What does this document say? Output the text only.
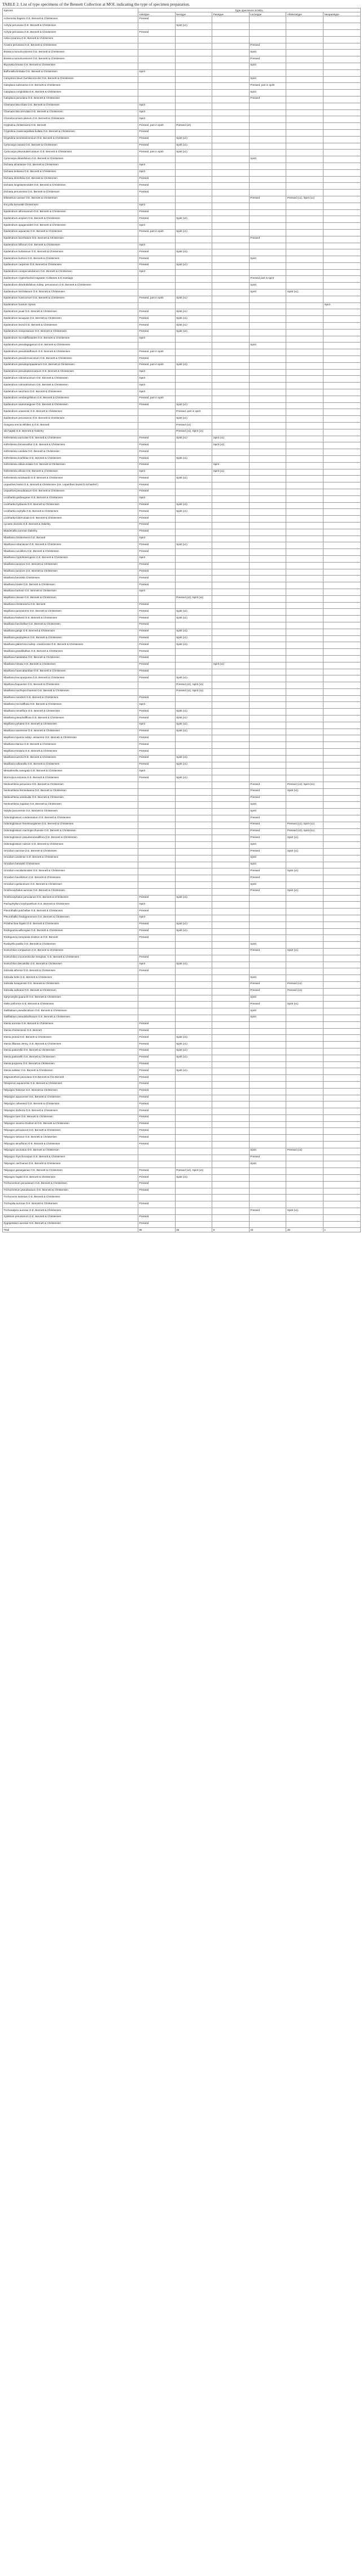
TABLE 2. List of type specimens of the Bennett Collection at MOL indicating the type of specimen preparation.
Species	Type specimens at MOL					
	Holotype	Neotype	Paratype	Lectotype	Allolectotype	Neoparatype
Acherontia hagenii O.E. Bennett & Christensen	Pressed					
Achyla peruviana O.E. Bennett & Christensen		Spirit (x1)				
Achyla peruviana O.E. Bennett & Christensen	Pressed					
Aetia oceanica O.E. Bennett & Christensen						
Aroeira peruviana O.E. Bennett & Christensen				Pressed		
Brassica tumuliconsionis O.E. Bennett & Christensen				Spirit		
Brassica tumuliconsionis O.E. Bennett & Christensen				Pressed		
Bryonetia limosa O.E. Bennett & Christensen				Spirit		
Buffoniella limbata O.E. Bennett & Christensen	Spirit					
Campotoccinium humileconcolor O.E. Bennett & Christensen				Spirit		
Caloplaca submarina O.E. Bennett & Christensen				Pressed, part in spirit		
Caloplaca conglobata O.E. Bennett & Christensen				Spirit		
Caloplaca peruviana O.E. Bennett & Christensen				Pressed		
Chamaecrista ciliata O.E. Bennett & Christensen	Spirit					
Chamaecrista serrulata O.E. Bennett & Christensen	Spirit					
Chondrocomium planum O.E. Bennett & Christensen	Spirit					
Cryptolina christensenii O.E. Bennett	Pressed, part in spirit	Pressed (x2)				
Cryptolina crassicarpellata bullata O.E. Bennett & Christensen	Pressed					
Cryptolina tomentosinervium O.E. Bennett & Christensen	Pressed	Spirit (x1)				
Cyrtocarpa nasuta O.E. Bennett & Christensen	Pressed	Spirit (x1)				
Cyrtocarpa pleurotuberculatum O.E. Bennett & Christensen	Pressed, part in spirit	Spirit (x1)				
Cyrtocarpa obtusifolium O.E. Bennett & Christensen				Spirit		
Dichaea alcantarae O.E. Bennett & Christensen	Spirit					
Dichaea belsiana O.E. Bennett & Christensen	Spirit					
Dichaea densifolia O.E. Bennett & Christensen	Pressed					
Dichaea longistaminoides O.E. Bennett & Christensen	Pressed					
Dichaea peruviensis O.E. Bennett & Christensen	Pressed					
Elleanthus caveae O.E. Bennett & Christensen				Pressed	Pressed (x1), Spirit (x1)	
Encyclia bennettii Christensen	Spirit					
Epidendrum alfonsoanum O.E. Bennett & Christensen	Pressed					
Epidendrum amplum O.E. Bennett & Christensen	Pressed	Spirit (x1)				
Epidendrum apaganoides O.E. Bennett & Christensen	Spirit					
Epidendrum aquaense O.E. Bennett & Christensen	Pressed, part in spirit	Spirit (x1)				
Epidendrum bicirrhatum O.E. Bennett & Christensen				Pressed		
Epidendrum biflorum O.E. Bennett & Christensen	Spirit					
Epidendrum bolivianum O.E. Bennett & Christensen	Pressed	Spirit (x1)				
Epidendrum burtonii O.E. Bennett & Christensen	Pressed			Spirit		
Epidendrum carpense O.E. Bennett & Christensen	Pressed	Spirit (x1)				
Epidendrum conspecuituberum O.E. Bennett & Christensen	Spirit					
Epidendrum cryptorhachis Hágsater, Collantes & E.Santiago				Pressed part in spirit		
Epidendrum dendrobiifolium subsp. peruvianum O.E. Bennett & Christensen				Spirit		
Epidendrum hechtlianum O.E. Bennett & Christensen				Spirit	Spirit (x1)	
Epidendrum humicorrum O.E. Bennett & Christensen	Pressed, part in spirit	Spirit (x1)				
Epidendrum huxsum Sprain						Spirit
Epidendrum jouaii O.E. Bennett & Christensen	Pressed	Spirit (x1)				
Epidendrum lacaquae O.E. Bennett & Christensen	Pressed	Spirit (x1)				
Epidendrum levisii O.E. Bennett & Christensen	Pressed	Spirit (x1)				
Epidendrum mariposanum O.E. Bennett & Christensen	Pressed	Spirit (x1)				
Epidendrum microdiffusaides O.E. Bennett & Christensen	Spirit					
Epidendrum pseudagaganum O.E. Bennett & Christensen				Spirit		
Epidendrum pseudodaffusum O.E. Bennett & Christensen	Pressed, part in spirit					
Epidendrum pseudomuscosum O.E. Bennett & Christensen	Pressed					
Epidendrum pseudoporpaxianum O.E. Bennett & Christensen	Pressed, part in spirit	Spirit (x1)				
Epidendrum pseudopterocarpum O.E. Bennett & Christensen	Spirit					
Epidendrum rubrisiracanum O.E. Bennett & Christensen	Spirit					
Epidendrum rubrostrisimum O.E. Bennett & Christensen	Spirit					
Epidendrum sanchezii O.E. Bennett & Christensen	Spirit					
Epidendrum vembergiifolium O.E. Bennett & Christensen	Pressed, part in spirit					
Epidendrum septomarginee O.E. Bennett & Christensen	Pressed	Spirit (x1)				
Epidendrum unasense O.E. Bennett & Christensen		Pressed, part in spirit				
Epidendrum peruvianum O.E. Bennett & Christensen		Spirit (x1)				
Gongora erecta Whitten & O.E. Bennett		Pressed (x1)				
Ida hagsiti O.E. Bennett & Oakeley		Pressed (x1), Spirit (x1)				
Kefersteinia auriculae O.E. Bennett & Christensen	Pressed	Spirit (x1)	Spirit (x1)			
Kefersteinia benvenathar O.E. Bennett & Christensen	Pressed		Spirit (x1)			
Kefersteinia candida O.E. Bennett & Christensen	Pressed					
Kefersteinia koehleae O.E. Bennett & Christensen	Pressed	Spirit (x1)				
Kefersteinia oblanceolata O.E. Bennett & Christensen	Pressed		Spirit			
Kefersteinia villosa O.E. Bennett & Christensen	Spirit		Spirit (x1)			
Kefersteinia woolwardii O.E. Bennett & Christensen	Pressed	Spirit (x1)				
Lepanthes lewisii O.E. Bennett & Christensen (nm. Lepanthes lewisii D.Schaeferl.)	Pressed					
Lepanthes pseudotaxum O.E. Bennett & Christensen	Pressed					
Lockhartia gerbaugeae O.E. Bennett & Christensen	Spirit					
Lockhartia hyrilacea O.E. Bennett & Christensen	Pressed	Spirit (x1)				
Lockhartia oxyhylla O.E. Bennett & Christensen	Pressed	Spirit (x1)				
Lockhartia tuberculata O.E. Bennett & Christensen	Pressed					
Lycaste doctoris O.E. Bennett & Oakeley	Pressed					
Masdevallia aurorae Oakeley	Pressed					
Maxillaria christensenii O.E. Bennett	Spirit					
Maxillaria cobaniense O.E. Bennett & Christensen	Pressed	Spirit (x1)				
Maxillaria cuculifera O.E. Bennett & Christensen	Pressed					
Maxillaria cryptoheterogens O.E. Bennett & Christensen	Spirit					
Maxillaria aurarum O.E. Bennett & Christensen	Pressed					
Maxillaria aurarum O.E. Bennett & Christensen	Pressed					
Maxillaria bennettii Christensen	Pressed					
Maxillaria bradei O.E. Bennett & Christensen	Pressed					
Maxillaria burtonii O.E. Bennett & Christensen	Spirit					
Maxillaria caveae O.E. Bennett & Christensen		Pressed (x2), Spirit (x1)				
Maxillaria christensenii O.E. Bennett	Pressed					
Maxillaria aureovirens O.E. Bennett & Christensen	Pressed	Spirit (x1)				
Maxillaria fewkesii O.E. Bennett & Christensen	Pressed	Spirit (x1)				
Maxillaria foechiellae O.E. Bennett & Christensen	Pressed					
Maxillaria gangii O.E. Bennett & Christensen	Pressed	Spirit (x1)				
Maxillaria geodoplieus O.E. Bennett & Christensen	Pressed	Spirit (x1)				
Maxillaria glaberrima subsp. condorensis O.E. Bennett & Christensen	Pressed	Spirit (x1)				
Maxillaria grandibulbus O.E. Bennett & Christensen	Pressed					
Maxillaria hastulabia O.E. Bennett & Christensen	Pressed					
Maxillaria hirsuta O.E. Bennett & Christensen	Pressed		Spirit (x1)			
Maxillaria huancabambae O.E. Bennett & Christensen	Pressed					
Maxillaria leucopurpurea O.E. Bennett & Christensen	Pressed	Spirit (x1)				
Maxillaria llaquensis O.E. Bennett & Christensen		Pressed (x2), Spirit (x1)				
Maxillaria machupicchuensis O.E. Bennett & Christensen		Pressed (x2), Spirit (x1)				
Maxillaria mandezii O.E. Bennett & Christensen	Pressed					
Maxillaria microdiffusa O.E. Bennett & Christensen	Spirit					
Maxillaria minutiflora O.E. Bennett & Christensen	Pressed	Spirit (x1)				
Maxillaria pseudodiffusa O.E. Bennett & Christensen	Pressed	Spirit (x1)				
Maxillaria pyhalea O.E. Bennett & Christensen	Spirit	Spirit (x1)				
Maxillaria saxerense O.E. Bennett & Christensen	Pressed	Spirit (x1)				
Maxillaria tiqueria subsp. arisaense O.E. Bennett & Christensen	Pressed					
Maxillaria titanica O.E. Bennett & Christensen	Pressed					
Maxillaria trinitaria O.E. Bennett & Christensen	Pressed					
Maxillaria tuerckii O.E. Bennett & Christensen	Pressed	Spirit (x1)				
Maxillaria vulkanella O.E. Bennett & Christensen	Pressed	Spirit (x1)				
Mesadenella variegata O.E. Bennett & Christensen	Spirit					
Mormolyca sotoana O.E. Bennett & Christensen	Pressed	Spirit (x1)				
Neokoehleria peruviana O.E. Bennett & Christensen				Pressed	Pressed (x1), Spirit (x1)	
Neokoehleria ferrnielaiana O.E. Bennett & Christensen				Pressed	Spirit (x1)	
Neokoehleria sandovalii O.E. Bennett & Christensen				Pressed		
Neokoehleria zapatae O.E. Bennett & Christensen				Spirit		
Notylia juncorense O.E. Bennett & Christensen				Spirit		
Odontoglossum condensatum O.E. Bennett & Christensen				Pressed		
Odontoglossum fenestrangiense O.E. Bennett & Christensen				Pressed	Pressed (x1), Spirit (x1)	
Odontoglossum machupicchuense O.E. Bennett & Christensen				Pressed	Pressed (x2), Spirit (x1)	
Odontoglossum pseudomirandiflora O.E. Bennett & Christensen				Pressed	Spirit (x1)	
Odontoglossum rubrum O.E. Bennett & Christensen				Spirit		
Oncidium aurorae O.E. Bennett & Christensen				Pressed	Spirit (x1)	
Oncidium azulense O.E. Bennett & Christensen				Spirit		
Oncidium bennettii Christensen				Spirit		
Oncidium escalarisioides O.E. Bennett & Christensen				Pressed	Spirit (x1)	
Oncidium faucihirtum O.E. Bennett & Christensen				Pressed		
Oncidium quelacrinum O.E. Bennett & Christensen				Spirit		
Ornithocephalus aurorae O.E. Bennett & Christensen				Pressed	Spirit (x1)	
Ornithocephalus peruvianus O.E. Bennett & Christensen	Pressed	Spirit (x1)				
Pachyphyllum brachyanthum O.E. Bennett & Christensen	Spirit					
Pleurothallis pulchellae O.E. Bennett & Christensen	Pressed					
Pleurothallis rhodogrammum O.E. Bennett & Christensen	Spirit					
Prosthechea hajekii O.E. Bennett & Christensen	Pressed	Spirit (x1)				
Rodriguezia adbongiae O.E. Bennett & Christensen	Pressed	Spirit (x1)				
Rodriguezia zeropassa Dodson & O.E. Bennett	Pressed					
Rusbyella pusilla O.E. Bennett & Christensen				Spirit		
Scelochilus compactum O.E. Bennett & Christensen				Pressed	Spirit (x1)	
Scelochilus croceomiscolor Senghas, O.E. Bennett & Christensen	Pressed					
Scelochilus delcastilloi O.E. Bennett & Christensen	Spirit	Spirit (x1)				
Sobralia alfonsoi O.E. Bennett & Christensen	Pressed					
Sobralia fortis O.E. Bennett & Christensen				Spirit		
Sobralia kusayensis O.E. Bennett & Christensen				Pressed	Pressed (x1)	
Sobralia sullivanii O.E. Bennett & Christensen				Pressed	Pressed (x1)	
Sphyrostylis guaruchi O.E. Bennett & Christensen				Spirit		
Stelis piriformis O.E. Bennett & Christensen				Pressed	Spirit (x1)	
Stellilabium pseudocalvum O.E. Bennett & Christensen				Spirit		
Stellilabium pseudobulbosum O.E. Bennett & Christensen				Spirit		
Stenia aurorae O.E. Bennett & Christensen	Pressed					
Stenia christensenii O.E. Bennett	Pressed					
Stenia jonesii O.E. Bennett & Christensen	Pressed	Spirit (x1)				
Stenia lillianae Jenny, O.E. Bennett & Christensen	Pressed	Spirit (x1)				
Stenia pastorellii O.E. Bennett & Christensen	Pressed	Spirit (x1)				
Stenia pastorellii O.E. Bennett & Christensen	Pressed	Spirit (x1)				
Stenia purpurea O.E. Bennett & Christensen	Pressed					
Stenia saltator O.E. Bennett & Christensen	Pressed	Spirit (x1)				
Stigmatorthos peruviana O.E.Bennett & O.E.Bennett	Pressed					
Teleiponon aquacense O.E. Bennett & Christensen	Pressed					
Telipogon fraserae O.E. Bennett & Christensen	Pressed					
Telipogon aquacense O.E. Bennett & Christensen	Pressed					
Telipogon collantesii O.E. Bennett & Christensen	Pressed					
Telipogon dodsonii O.E. Bennett & Christensen	Pressed					
Telipogon lueri O.E. Bennett & Christensen	Pressed					
Telipogon oxusmo Dodson & O.E. Bennett & Christensen	Pressed					
Telipogon peruvianus O.E. Bennett & Christensen	Pressed					
Telipogon setosus O.E. Bennett & Christensen	Pressed					
Telipogon tenuiflorus O.E. Bennett & Christensen	Pressed					
Telipogon uncinatus O.E. Bennett & Christensen				Spirit	Pressed (x1)	
Telipogon rhynchocarpus O.E. Bennett & Christensen				Pressed		
Telipogon cierzoanus O.E. Bennett & Christensen				Spirit		
Telipogon garaegianae O.E. Bennett & Christensen	Pressed	Pressed (x2), Spirit (x1)				
Telipogon hajekii O.E. Bennett & Christensen	Pressed	Spirit (x1)				
Trichocentrum peruvianum O.E. Bennett & Christensen	Pressed					
Trichocentrum pseudoaxum O.E. Bennett & Christensen	Pressed					
Trichoceros tomistus O.E. Bennett & Christensen						
Trichopilia aurorae O.E. Bennett & Christensen	Pressed					
Trichosalpinx aurorae O.E. Bennett & Christensen				Pressed	Spirit (x1)	
Xylobium peruvianum O.E. Bennett & Christensen	Pressed					
Zygopetalum aurorae O.E. Bennett & Christensen	Pressed					
Total	95	35	9	33	48	1
